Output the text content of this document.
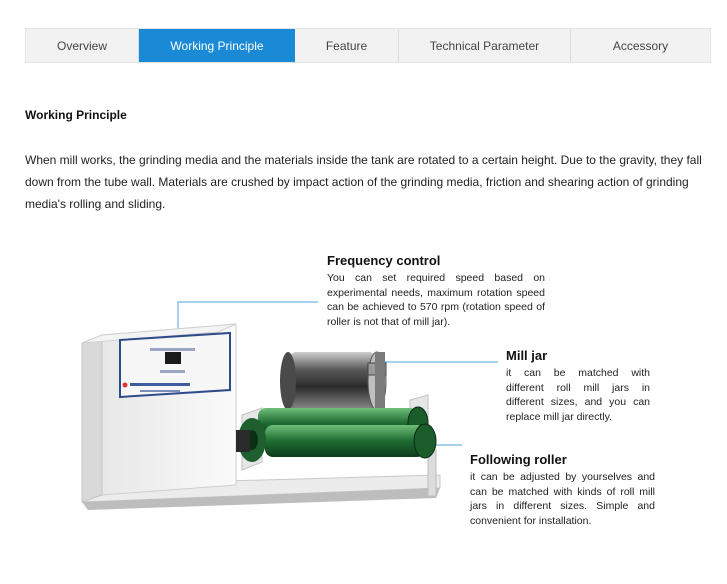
Overview	Working Principle	Feature	Technical Parameter	Accessory
Working Principle

When mill works, the grinding media and the materials inside the tank are rotated to a certain height. Due to the gravity, they fall down from the tube wall. Materials are crushed by impact action of the grinding media, friction and shearing action of grinding media's rolling and sliding.

Frequency control
You can set required speed based on experimental needs, maximum rotation speed can be achieved to 570 rpm (rotation speed of roller is not that of mill jar).
Mill jar
it can be matched with different roll mill jars in different sizes, and you can replace mill jar directly.
Following roller
it can be adjusted by yourselves and can be matched with kinds of roll mill jars in different sizes. Simple and convenient for installation.
